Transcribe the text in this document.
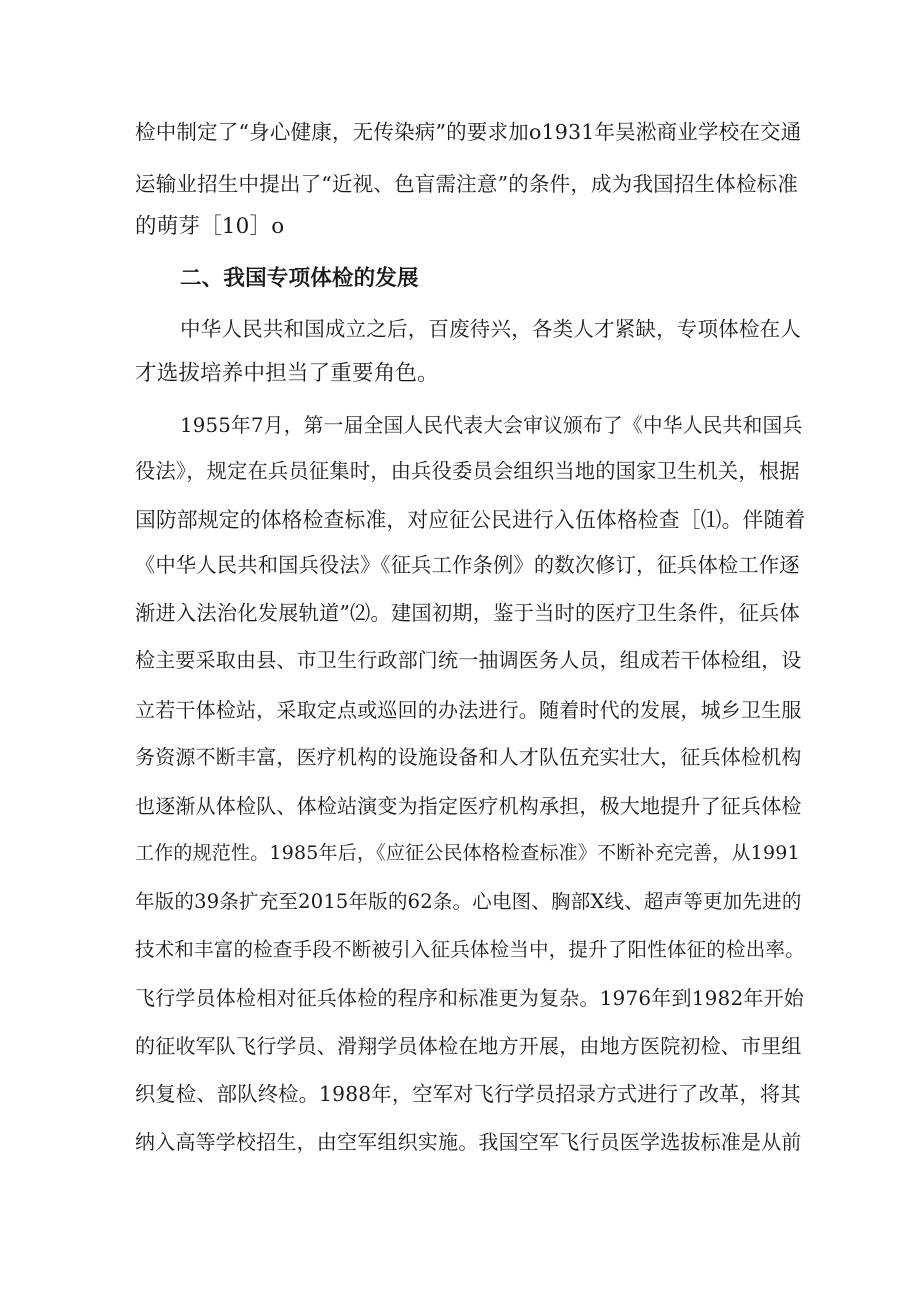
检中制定了“身心健康，无传染病”的要求加o1931年吴淞商业学校在交通
运输业招生中提出了“近视、色盲需注意”的条件，成为我国招生体检标准
的萌芽［10］o
二、我国专项体检的发展
中华人民共和国成立之后，百废待兴，各类人才紧缺，专项体检在人
才选拔培养中担当了重要角色。
1955年7月，第一届全国人民代表大会审议颁布了《中华人民共和国兵
役法》，规定在兵员征集时，由兵役委员会组织当地的国家卫生机关，根据
国防部规定的体格检查标准，对应征公民进行入伍体格检查［⑴。伴随着
《中华人民共和国兵役法》《征兵工作条例》的数次修订，征兵体检工作逐
渐进入法治化发展轨道”⑵。建国初期，鉴于当时的医疗卫生条件，征兵体
检主要采取由县、市卫生行政部门统一抽调医务人员，组成若干体检组，设
立若干体检站，采取定点或巡回的办法进行。随着时代的发展，城乡卫生服
务资源不断丰富，医疗机构的设施设备和人才队伍充实壮大，征兵体检机构
也逐渐从体检队、体检站演变为指定医疗机构承担，极大地提升了征兵体检
工作的规范性。1985年后，《应征公民体格检查标准》不断补充完善，从1991
年版的39条扩充至2015年版的62条。心电图、胸部X线、超声等更加先进的
技术和丰富的检查手段不断被引入征兵体检当中，提升了阳性体征的检出率。
飞行学员体检相对征兵体检的程序和标准更为复杂。1976年到1982年开始
的征收军队飞行学员、滑翔学员体检在地方开展，由地方医院初检、市里组
织复检、部队终检。1988年，空军对飞行学员招录方式进行了改革，将其
纳入高等学校招生，由空军组织实施。我国空军飞行员医学选拔标准是从前
